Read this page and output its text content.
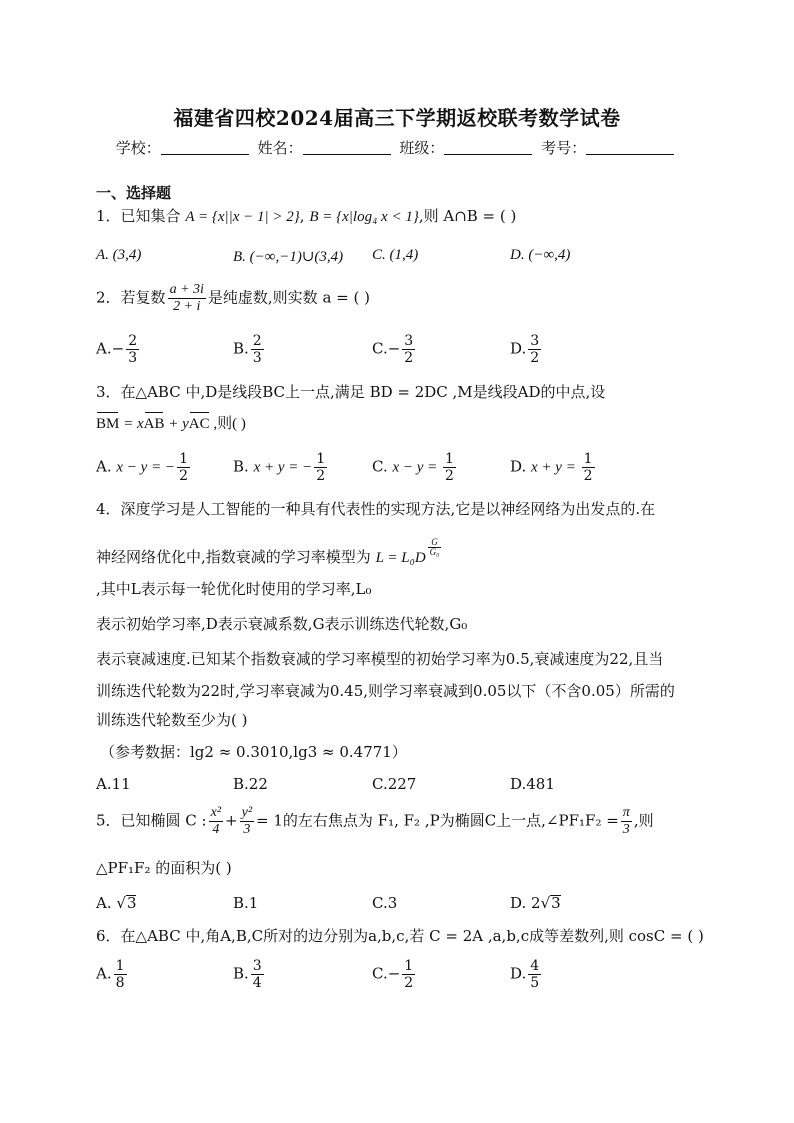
福建省四校2024届高三下学期返校联考数学试卷
学校：	姓名：	班级：	考号：
一、选择题
1．已知集合 A = {x||x − 1| > 2}, B = {x|log₄ x < 1},则 A∩B = ( )
A. (3,4)	B. (−∞,−1)∪(3,4) C. (1,4)	D. (−∞,4)
2．若复数 $\frac{a + 3i}{2 + i}$ 是纯虚数,则实数 a = ( )
$A.- \frac{2}{3}$	B. $\frac{2}{3}$	$C.- \frac{3}{2}$	D. $\frac{3}{2}$
3．在△ABC 中,D是线段BC上一点,满足 BD = 2DC ,M是线段AD的中点,设
BM = xAB + yAC ,则( )
A. x − y = − $\frac{1}{2}$	B. x + y = − $\frac{1}{2}$	C. $x - y = \frac{1}{2}$	D. $x + y = \frac{1}{2}$
4．深度学习是人工智能的一种具有代表性的实现方法,它是以神经网络为出发点的.在
神经网络优化中,指数衰减的学习率模型为 L = L₀D
$^{\frac{G}{\text{G₀}}}$
,其中L表示每一轮优化时使用的学习率,L₀
表示初始学习率,D表示衰减系数,G表示训练迭代轮数,G₀
表示衰减速度.已知某个指数衰减的学习率模型的初始学习率为0.5,衰减速度为22,且当
训练迭代轮数为22时,学习率衰减为0.45,则学习率衰减到0.05以下（不含0.05）所需的
训练迭代轮数至少为( )
（参考数据：lg2 ≈ 0.3010,lg3 ≈ 0.4771）
A.11	B.22	C.227	D.481
5．已知椭圆 C : $\frac{\text{x²}}{4} + \frac{\text{y²}}{3} = 1$的左右焦点为 F₁, F₂ ,P为椭圆C上一点,∠PF₁F₂ = $\frac{\pi}{3}$ ,则
△PF₁F₂ 的面积为( )
A. √3	B.1	C.3	D. 2√3
6．在△ABC 中,角A,B,C所对的边分别为a,b,c,若 C = 2A ,a,b,c成等差数列,则 cosC = ( )
A. $\frac{1}{8}$	B. $\frac{3}{4}$	$C.- \frac{1}{2}$	D. $\frac{4}{5}$
